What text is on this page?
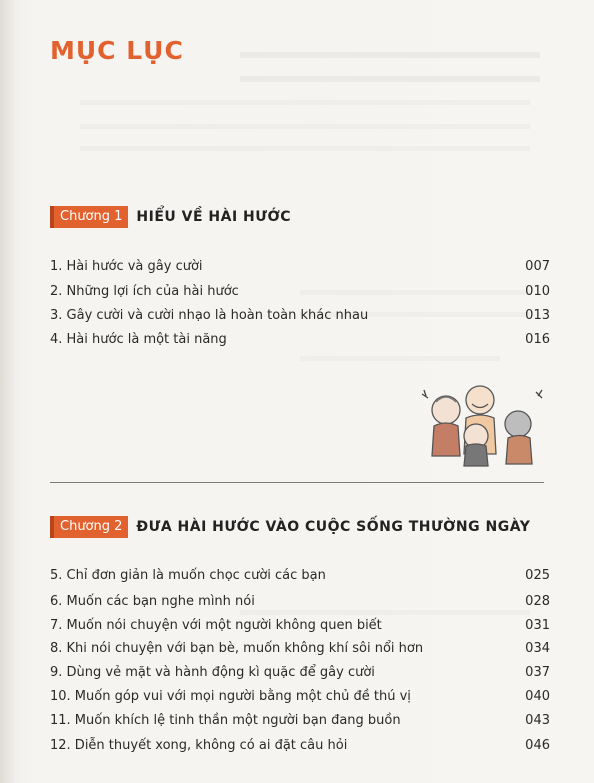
MỤC LỤC
Chương 1	HIỂU VỀ HÀI HƯỚC
1. Hài hước và gây cười	007
2. Những lợi ích của hài hước	010
3. Gây cười và cười nhạo là hoàn toàn khác nhau	013
4. Hài hước là một tài năng	016
Chương 2	ĐƯA HÀI HƯỚC VÀO CUỘC SỐNG THƯỜNG NGÀY
5. Chỉ đơn giản là muốn chọc cười các bạn	025
6. Muốn các bạn nghe mình nói	028
7. Muốn nói chuyện với một người không quen biết	031
8. Khi nói chuyện với bạn bè, muốn không khí sôi nổi hơn	034
9. Dùng vẻ mặt và hành động kì quặc để gây cười	037
10. Muốn góp vui với mọi người bằng một chủ đề thú vị	040
11. Muốn khích lệ tinh thần một người bạn đang buồn	043
12. Diễn thuyết xong, không có ai đặt câu hỏi	046
